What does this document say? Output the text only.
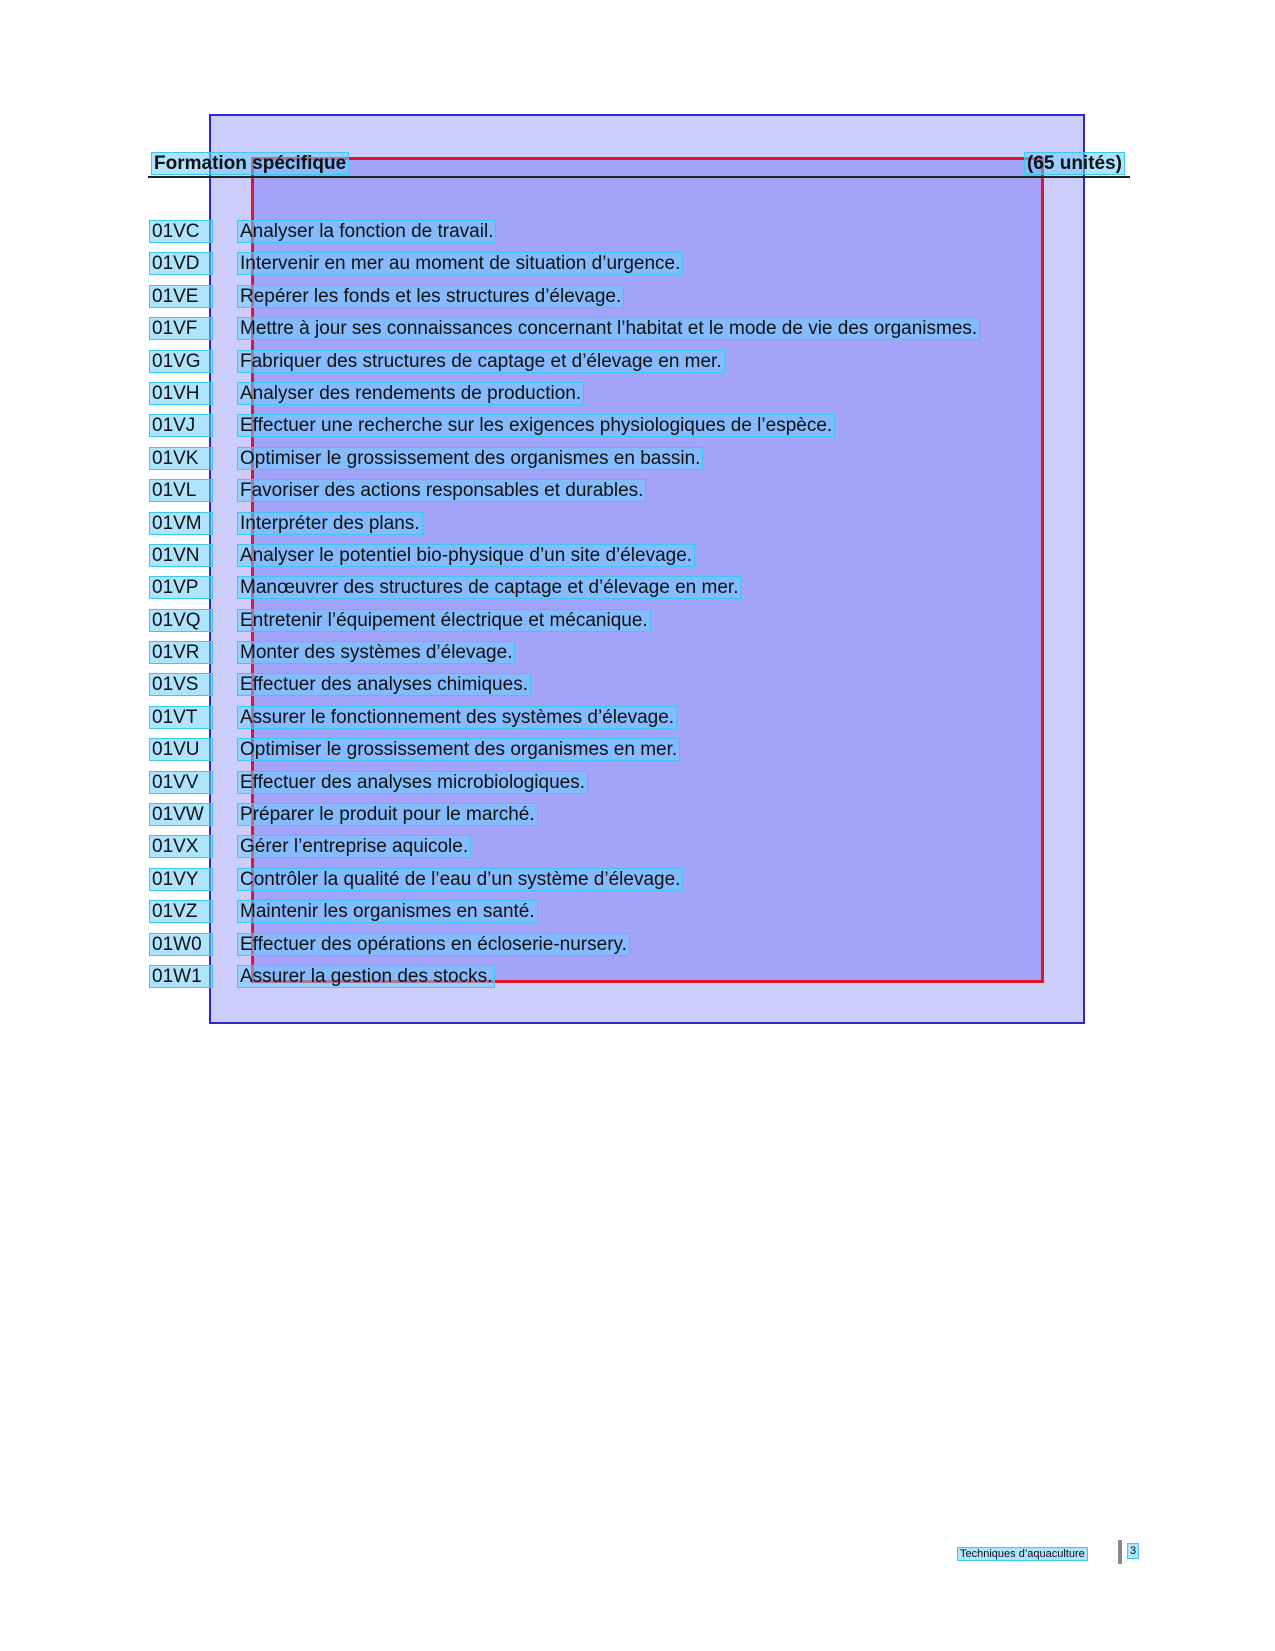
Formation spécifique	(65 unités)
01VC	Analyser la fonction de travail.
01VD	Intervenir en mer au moment de situation d’urgence.
01VE	Repérer les fonds et les structures d’élevage.
01VF	Mettre à jour ses connaissances concernant l’habitat et le mode de vie des organismes.
01VG	Fabriquer des structures de captage et d’élevage en mer.
01VH	Analyser des rendements de production.
01VJ	Effectuer une recherche sur les exigences physiologiques de l’espèce.
01VK	Optimiser le grossissement des organismes en bassin.
01VL	Favoriser des actions responsables et durables.
01VM	Interpréter des plans.
01VN	Analyser le potentiel bio-physique d’un site d’élevage.
01VP	Manœuvrer des structures de captage et d’élevage en mer.
01VQ	Entretenir l’équipement électrique et mécanique.
01VR	Monter des systèmes d’élevage.
01VS	Effectuer des analyses chimiques.
01VT	Assurer le fonctionnement des systèmes d’élevage.
01VU	Optimiser le grossissement des organismes en mer.
01VV	Effectuer des analyses microbiologiques.
01VW	Préparer le produit pour le marché.
01VX	Gérer l’entreprise aquicole.
01VY	Contrôler la qualité de l’eau d’un système d’élevage.
01VZ	Maintenir les organismes en santé.
01W0	Effectuer des opérations en écloserie-nursery.
01W1	Assurer la gestion des stocks.
Techniques d’aquaculture	3
